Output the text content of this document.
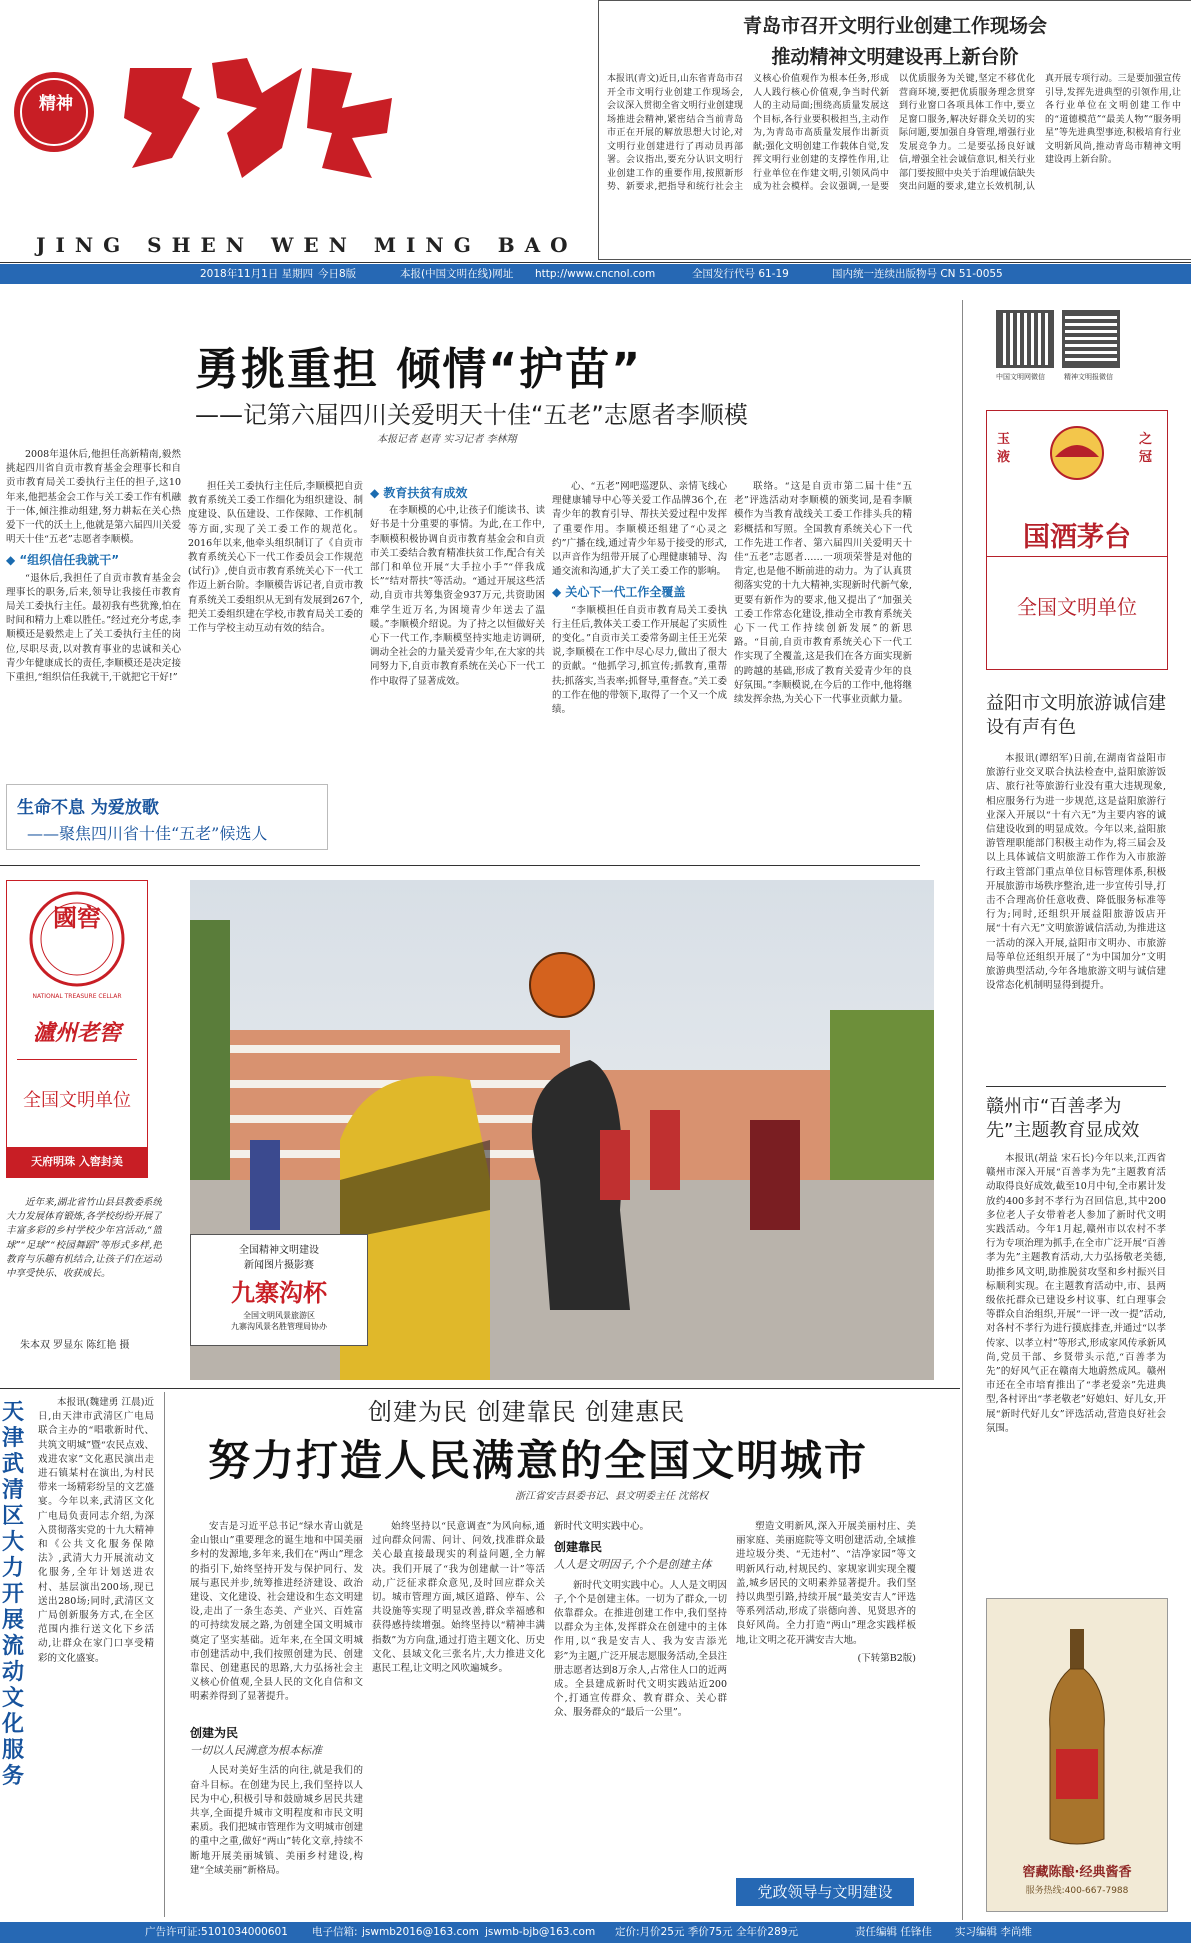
精神
JING SHEN WEN MING BAO
青岛市召开文明行业创建工作现场会
推动精神文明建设再上新台阶
本报讯(青文)近日,山东省青岛市召开全市文明行业创建工作现场会,会议深入贯彻全省文明行业创建现场推进会精神,紧密结合当前青岛市正在开展的解放思想大讨论,对文明行业创建进行了再动员再部署。会议指出,要充分认识文明行业创建工作的重要作用,按照新形势、新要求,把指导和统行社会主义核心价值观作为根本任务,形成人人践行核心价值观,争当时代新人的主动局面;围绕高质量发展这个目标,各行业要积极担当,主动作为,为青岛市高质量发展作出新贡献;强化文明创建工作载体自觉,发挥文明行业创建的支撑性作用,让行业单位在作建文明,引领风尚中成为社会模样。会议强调,一是要以优质服务为关键,坚定不移优化营商环境,要把优质服务理念贯穿到行业窗口各项具体工作中,要立足窗口服务,解决好群众关切的实际问题,要加强自身管理,增强行业发展竞争力。二是要弘扬良好诚信,增强全社会诚信意识,相关行业部门要按照中央关于治理诚信缺失突出问题的要求,建立长效机制,认真开展专项行动。三是要加强宣传引导,发挥先进典型的引领作用,让各行业单位在文明创建工作中的“道德模范”“最美人物”“服务明星”等先进典型事迹,积极培育行业文明新风尚,推动青岛市精神文明建设再上新台阶。
2018年11月1日 星期四 今日8版	本报(中国文明在线)网址 http://www.cncnol.com	全国发行代号 61-19	国内统一连续出版物号 CN 51-0055
勇挑重担 倾情“护苗”
——记第六届四川关爱明天十佳“五老”志愿者李顺模
本报记者 赵青 实习记者 李林翔

2008年退休后,他担任高新精南,毅然挑起四川省自贡市教育基金会理事长和自贡市教育局关工委执行主任的担子,这10年来,他把基金会工作与关工委工作有机融于一体,倾注推动组建,努力耕耘在关心热爱下一代的沃土上,他就是第六届四川关爱明天十佳“五老”志愿者李顺模。

◆ “组织信任我就干”

“退休后,我担任了自贡市教育基金会理事长的职务,后来,领导让我接任市教育局关工委执行主任。最初我有些犹豫,怕在时间和精力上难以胜任。”经过充分考虑,李顺模还是毅然走上了关工委执行主任的岗位,尽职尽责,以对教育事业的忠诚和关心青少年健康成长的责任,李顺模还是决定接下重担,“组织信任我就干,干就把它干好!”

担任关工委执行主任后,李顺模把自贡教育系统关工委工作细化为组织建设、制度建设、队伍建设、工作保障、工作机制等方面,实现了关工委工作的规范化。2016年以来,他牵头组织制订了《自贡市教育系统关心下一代工作委员会工作规范(试行)》,使自贡市教育系统关心下一代工作迈上新台阶。李顺模告诉记者,自贡市教育系统关工委组织从无到有发展到267个,把关工委组织建在学校,市教育局关工委的工作与学校主动互动有效的结合。

◆ 教育扶贫有成效

在李顺模的心中,让孩子们能读书、读好书是十分重要的事情。为此,在工作中,李顺模积极协调自贡市教育基金会和自贡市关工委结合教育精准扶贫工作,配合有关部门和单位开展“大手拉小手”“伴我成长”“结对帮扶”等活动。“通过开展这些活动,自贡市共筹集资金937万元,共资助困难学生近万名,为困境青少年送去了温暖。”李顺模介绍说。为了持之以恒做好关心下一代工作,李顺模坚持实地走访调研,调动全社会的力量关爱青少年,在大家的共同努力下,自贡市教育系统在关心下一代工作中取得了显著成效。

心、“五老”网吧巡逻队、亲情飞线心理健康辅导中心等关爱工作品牌36个,在青少年的教育引导、帮扶关爱过程中发挥了重要作用。李顺模还组建了“心灵之约”广播在线,通过青少年易于接受的形式,以声音作为纽带开展了心理健康辅导、沟通交流和沟通,扩大了关工委工作的影响。

◆ 关心下一代工作全覆盖

“李顺模担任自贡市教育局关工委执行主任后,教体关工委工作开展起了实质性的变化。”自贡市关工委常务副主任王光荣说,李顺模在工作中尽心尽力,做出了很大的贡献。“他抓学习,抓宣传;抓教育,重帮扶;抓落实,当表率;抓督导,重督查。”关工委的工作在他的带领下,取得了一个又一个成绩。

联络。“这是自贡市第二届十佳“五老”评选活动对李顺模的颁奖词,是看李顺模作为当教育战线关工委工作排头兵的精彩概括和写照。全国教育系统关心下一代工作先进工作者、第六届四川关爱明天十佳“五老”志愿者……一项项荣誉是对他的肯定,也是他不断前进的动力。为了认真贯彻落实党的十九大精神,实现新时代新气象,更要有新作为的要求,他又提出了“加强关工委工作常态化建设,推动全市教育系统关心下一代工作持续创新发展”的新思路。“目前,自贡市教育系统关心下一代工作实现了全覆盖,这是我们在各方面实现新的跨越的基础,形成了教育关爱青少年的良好氛围。”李顺模说,在今后的工作中,他将继续发挥余热,为关心下一代事业贡献力量。

生命不息 为爱放歌
——聚焦四川省十佳“五老”候选人
中国文明网微信	精神文明报微信
玉液
之冠
国酒茅台
全国文明单位
益阳市文明旅游诚信建设有声有色

本报讯(谭绍军)日前,在湖南省益阳市旅游行业交叉联合执法检查中,益阳旅游饭店、旅行社等旅游行业没有重大违规现象,相应服务行为进一步规范,这是益阳旅游行业深入开展以“十有六无”为主要内容的诚信建设收到的明显成效。今年以来,益阳旅游管理职能部门积极主动作为,将三届会及以上具体诚信文明旅游工作作为入市旅游行政主管部门重点单位目标管理体系,积极开展旅游市场秩序整治,进一步宣传引导,打击不合理高价任意收费、降低服务标准等行为;同时,还组织开展益阳旅游饭店开展“十有六无”文明旅游诚信活动,为推进这一活动的深入开展,益阳市文明办、市旅游局等单位还组织开展了“为中国加分”文明旅游典型活动,今年各地旅游文明与诚信建设常态化机制明显得到提升。

赣州市“百善孝为先”主题教育显成效

本报讯(胡益 宋石长)今年以来,江西省赣州市深入开展“百善孝为先”主题教育活动取得良好成效,截至10月中旬,全市累计发放约400多封不孝行为召回信息,其中200多位老人子女带着老人参加了新时代文明实践活动。今年1月起,赣州市以农村不孝行为专项治理为抓手,在全市广泛开展“百善孝为先”主题教育活动,大力弘扬敬老美德,助推乡风文明,助推脱贫攻坚和乡村振兴目标顺利实现。在主题教育活动中,市、县两级依托群众已建设乡村议事、红白理事会等群众自治组织,开展“一评一改一提”活动,对各村不孝行为进行摸底排查,并通过“以孝传家、以孝立村”等形式,形成家风传承新风尚,党员干部、乡贤带头示范,“百善孝为先”的好风气正在赣南大地蔚然成风。赣州市还在全市培育推出了“孝老爱亲”先进典型,各村评出“孝老敬老”好媳妇、好儿女,开展“新时代好儿女”评选活动,营造良好社会氛围。

窖藏陈酿·经典酱香
服务热线:400-667-7988
國窖
NATIONAL TREASURE CELLAR
瀘州老窖
全国文明单位
天府明珠 入窖封美

近年来,湖北省竹山县县教委系统大力发展体育锻炼,各学校纷纷开展了丰富多彩的乡村学校少年宫活动,“篮球”“足球”“校园舞蹈”等形式多样,把教育与乐趣有机结合,让孩子们在运动中享受快乐、收获成长。

朱本双 罗显东 陈红艳 摄
全国精神文明建设
新闻图片摄影赛
九寨沟杯
全国文明风景旅游区
九寨沟风景名胜管理局协办
天津武清区大力开展流动文化服务

本报讯(魏建勇 江晨)近日,由天津市武清区广电局联合主办的“唱歌新时代、共筑文明城”暨“农民点戏、戏进农家”文化惠民演出走进石镇某村在演出,为村民带来一场精彩纷呈的文艺盛宴。今年以来,武清区文化广电局负责同志介绍,为深入贯彻落实党的十九大精神和《公共文化服务保障法》,武清大力开展流动文化服务,全年计划送进农村、基层演出200场,现已送出280场;同时,武清区文广局创新服务方式,在全区范围内推行送文化下乡活动,让群众在家门口享受精彩的文化盛宴。

创建为民 创建靠民 创建惠民
努力打造人民满意的全国文明城市
浙江省安吉县委书记、县文明委主任 沈铭权

安吉是习近平总书记“绿水青山就是金山银山”重要理念的诞生地和中国美丽乡村的发源地,多年来,我们在“两山”理念的指引下,始终坚持开发与保护同行、发展与惠民并步,统筹推进经济建设、政治建设、文化建设、社会建设和生态文明建设,走出了一条生态美、产业兴、百姓富的可持续发展之路,为创建全国文明城市奠定了坚实基础。近年来,在全国文明城市创建活动中,我们按照创建为民、创建靠民、创建惠民的思路,大力弘扬社会主义核心价值观,全县人民的文化自信和文明素养得到了显著提升。

创建为民
一切以人民满意为根本标准

人民对美好生活的向往,就是我们的奋斗目标。在创建为民上,我们坚持以人民为中心,积极引导和鼓励城乡居民共建共享,全面提升城市文明程度和市民文明素质。我们把城市管理作为文明城市创建的重中之重,做好“两山”转化文章,持续不断地开展美丽城镇、美丽乡村建设,构建“全域美丽”新格局。

始终坚持以“民意调查”为风向标,通过向群众问需、问计、问效,找准群众最关心最直接最现实的利益问题,全力解决。我们开展了“我为创建献一计”等活动,广泛征求群众意见,及时回应群众关切。城市管理方面,城区道路、停车、公共设施等实现了明显改善,群众幸福感和获得感持续增强。始终坚持以“精神丰满指数”为方向盘,通过打造主题文化、历史文化、县域文化三张名片,大力推进文化惠民工程,让文明之风吹遍城乡。

新时代文明实践中心。

创建靠民
人人是文明因子,个个是创建主体

新时代文明实践中心。人人是文明因子,个个是创建主体。一切为了群众,一切依靠群众。在推进创建工作中,我们坚持以群众为主体,发挥群众在创建中的主体作用,以“我是安吉人、我为安吉添光彩”为主题,广泛开展志愿服务活动,全县注册志愿者达到8万余人,占常住人口的近两成。全县建成新时代文明实践站近200个,打通宣传群众、教育群众、关心群众、服务群众的“最后一公里”。

塑造文明新风,深入开展美丽村庄、美丽家庭、美丽庭院等文明创建活动,全域推进垃圾分类、“无违村”、“洁净家园”等文明新风行动,村规民约、家规家训实现全覆盖,城乡居民的文明素养显著提升。我们坚持以典型引路,持续开展“最美安吉人”评选等系列活动,形成了崇德向善、见贤思齐的良好风尚。全力打造“两山”理念实践样板地,让文明之花开满安吉大地。

(下转第B2版)
党政领导与文明建设
广告许可证:5101034000601 电子信箱: jswmb2016@163.com jswmb-bjb@163.com 定价:月价25元 季价75元 全年价289元	责任编辑 任锋佳 实习编辑 李尚维
